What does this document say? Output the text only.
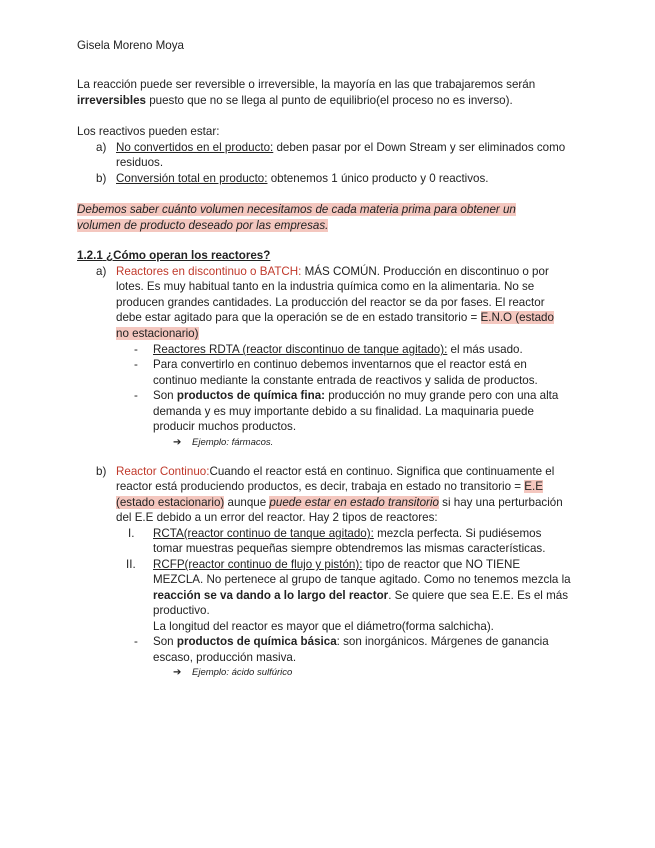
Gisela Moreno Moya
La reacción puede ser reversible o irreversible, la mayoría en las que trabajaremos serán
irreversibles puesto que no se llega al punto de equilibrio(el proceso no es inverso).
Los reactivos pueden estar:
a) No convertidos en el producto: deben pasar por el Down Stream y ser eliminados como
residuos.
b) Conversión total en producto: obtenemos 1 único producto y 0 reactivos.
Debemos saber cuánto volumen necesitamos de cada materia prima para obtener un
volumen de producto deseado por las empresas.
1.2.1 ¿Cómo operan los reactores?
a) Reactores en discontinuo o BATCH: MÁS COMÚN. Producción en discontinuo o por
lotes. Es muy habitual tanto en la industria química como en la alimentaria. No se
producen grandes cantidades. La producción del reactor se da por fases. El reactor
debe estar agitado para que la operación se de en estado transitorio = E.N.O (estado
no estacionario)
- Reactores RDTA (reactor discontinuo de tanque agitado): el más usado.
- Para convertirlo en continuo debemos inventarnos que el reactor está en
continuo mediante la constante entrada de reactivos y salida de productos.
- Son productos de química fina: producción no muy grande pero con una alta
demanda y es muy importante debido a su finalidad. La maquinaria puede
producir muchos productos.
➔ Ejemplo: fármacos.
b) Reactor Continuo:Cuando el reactor está en continuo. Significa que continuamente el
reactor está produciendo productos, es decir, trabaja en estado no transitorio = E.E
(estado estacionario) aunque puede estar en estado transitorio si hay una perturbación
del E.E debido a un error del reactor. Hay 2 tipos de reactores:
I. RCTA(reactor continuo de tanque agitado): mezcla perfecta. Si pudiésemos
tomar muestras pequeñas siempre obtendremos las mismas características.
II. RCFP(reactor continuo de flujo y pistón): tipo de reactor que NO TIENE
MEZCLA. No pertenece al grupo de tanque agitado. Como no tenemos mezcla la
reacción se va dando a lo largo del reactor. Se quiere que sea E.E. Es el más
productivo.
La longitud del reactor es mayor que el diámetro(forma salchicha).
- Son productos de química básica: son inorgánicos. Márgenes de ganancia
escaso, producción masiva.
➔ Ejemplo: ácido sulfúrico
